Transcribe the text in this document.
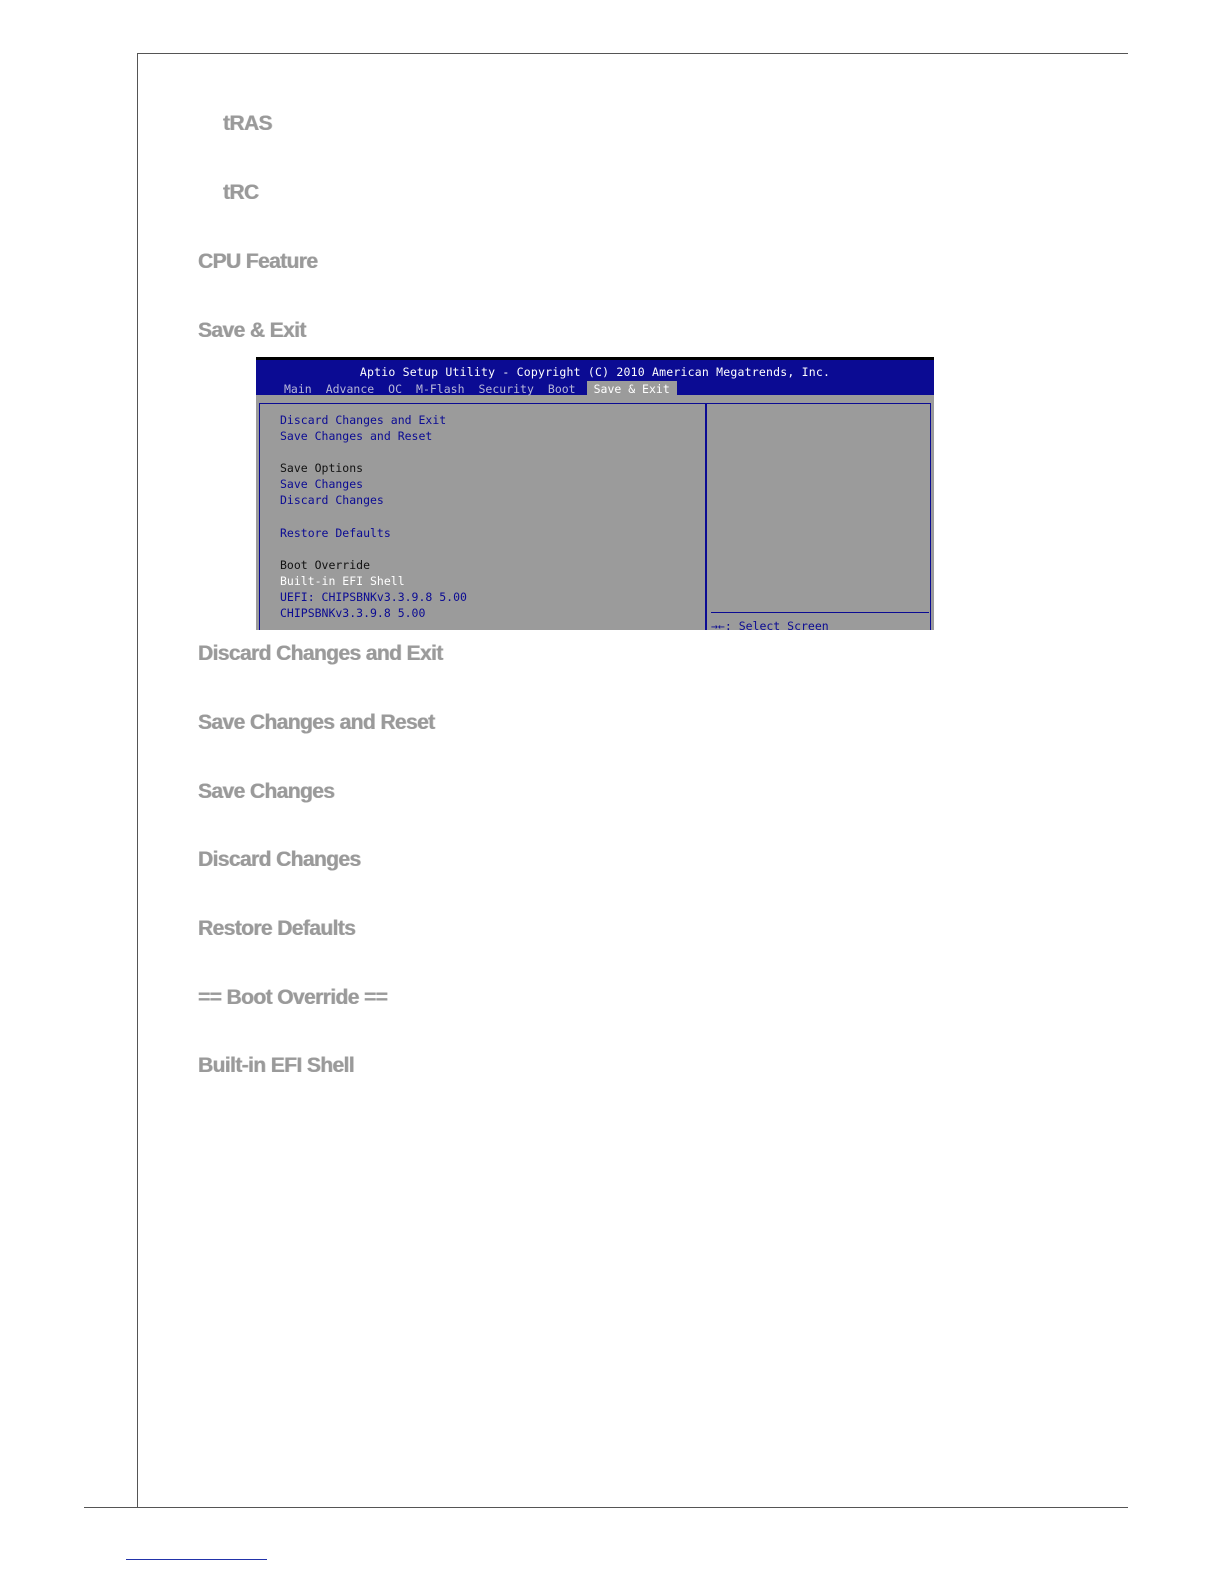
tRAS
tRC
CPU Feature
Save & Exit
Aptio Setup Utility - Copyright (C) 2010 American Megatrends, Inc.
Main	Advance	OC	M-Flash	Security	Boot	Save & Exit
Discard Changes and Exit
Save Changes and Reset
Save Options
Save Changes
Discard Changes
Restore Defaults
Boot Override
Built-in EFI Shell
UEFI: CHIPSBNKv3.3.9.8 5.00
CHIPSBNKv3.3.9.8 5.00
→←: Select Screen
Discard Changes and Exit
Save Changes and Reset
Save Changes
Discard Changes
Restore Defaults
== Boot Override ==
Built-in EFI Shell
